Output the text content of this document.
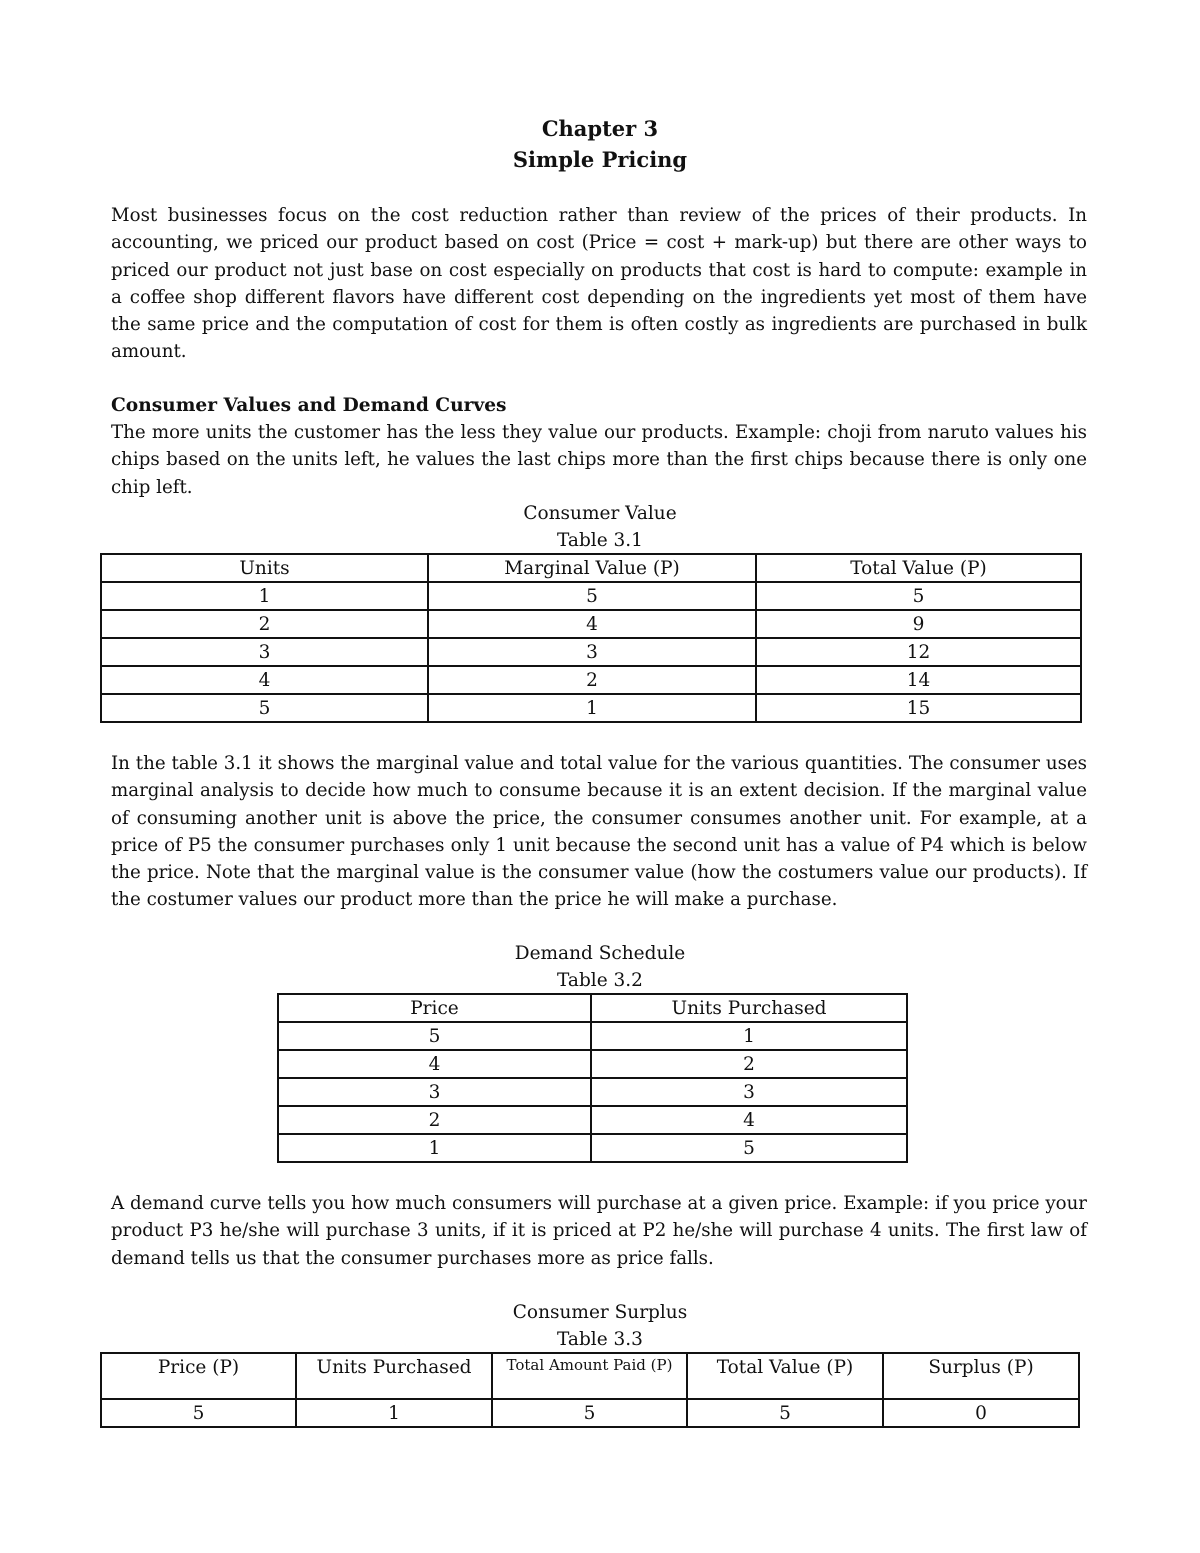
Chapter 3
Simple Pricing

Most businesses focus on the cost reduction rather than review of the prices of their products. In accounting, we priced our product based on cost (Price = cost + mark-up) but there are other ways to priced our product not just base on cost especially on products that cost is hard to compute: example in a coffee shop different flavors have different cost depending on the ingredients yet most of them have the same price and the computation of cost for them is often costly as ingredients are purchased in bulk amount.

Consumer Values and Demand Curves

The more units the customer has the less they value our products. Example: choji from naruto values his chips based on the units left, he values the last chips more than the first chips because there is only one chip left.

Consumer Value
Table 3.1
Units	Marginal Value (P)	Total Value (P)
1	5	5
2	4	9
3	3	12
4	2	14
5	1	15

In the table 3.1 it shows the marginal value and total value for the various quantities. The consumer uses marginal analysis to decide how much to consume because it is an extent decision. If the marginal value of consuming another unit is above the price, the consumer consumes another unit. For example, at a price of P5 the consumer purchases only 1 unit because the second unit has a value of P4 which is below the price. Note that the marginal value is the consumer value (how the costumers value our products). If the costumer values our product more than the price he will make a purchase.

Demand Schedule
Table 3.2
Price	Units Purchased
5	1
4	2
3	3
2	4
1	5

A demand curve tells you how much consumers will purchase at a given price. Example: if you price your product P3 he/she will purchase 3 units, if it is priced at P2 he/she will purchase 4 units. The first law of demand tells us that the consumer purchases more as price falls.

Consumer Surplus
Table 3.3
Price (P)	Units Purchased	Total Amount Paid (P)	Total Value (P)	Surplus (P)
5	1	5	5	0
